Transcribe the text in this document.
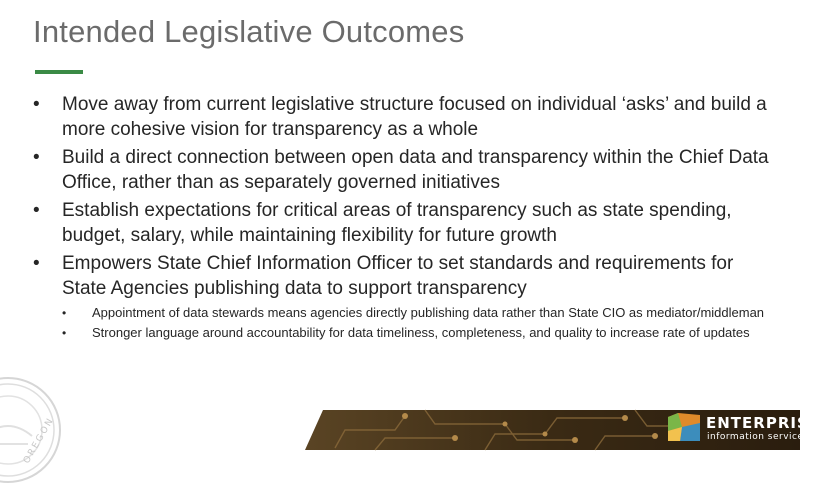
Intended Legislative Outcomes
• Move away from current legislative structure focused on individual ‘asks’ and build a more cohesive vision for transparency as a whole
• Build a direct connection between open data and transparency within the Chief Data Office, rather than as separately governed initiatives
• Establish expectations for critical areas of transparency such as state spending, budget, salary, while maintaining flexibility for future growth
• Empowers State Chief Information Officer to set standards and requirements for State Agencies publishing data to support transparency
• Appointment of data stewards means agencies directly publishing data rather than State CIO as mediator/middleman
• Stronger language around accountability for data timeliness, completeness, and quality to increase rate of updates
OREGON	ENTERPRISE
information services
